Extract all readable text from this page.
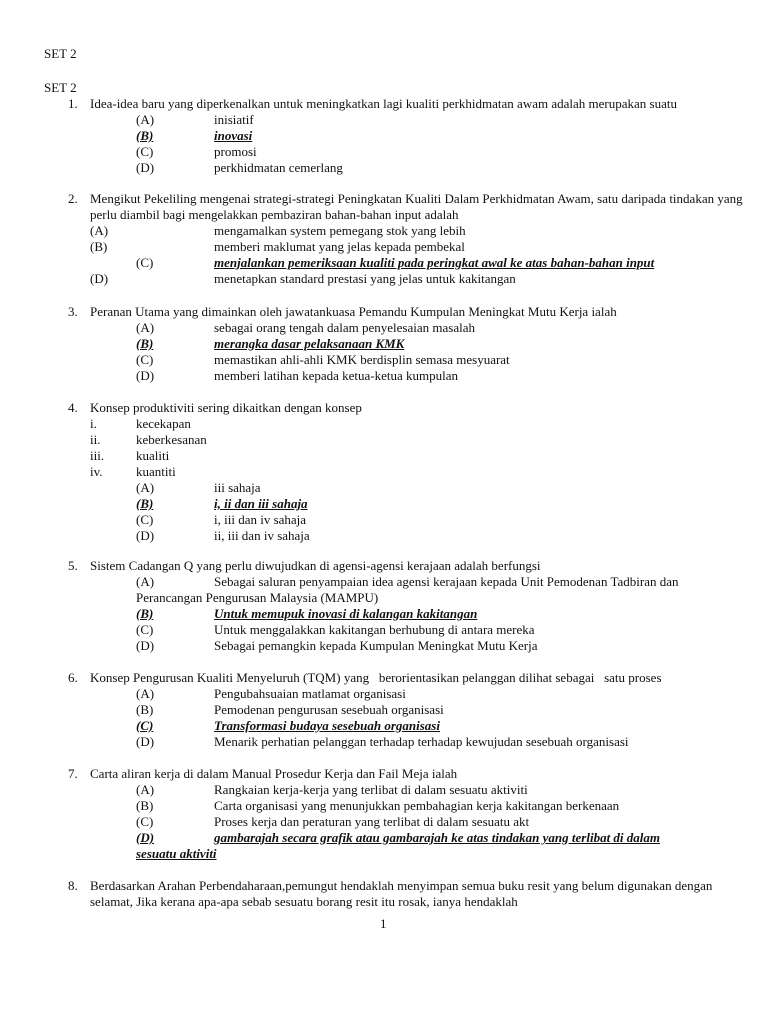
SET 2
SET 2
1. Idea-idea baru yang diperkenalkan untuk meningkatkan lagi kualiti perkhidmatan awam adalah merupakan suatu
(A)	inisiatif
(B)	inovasi
(C)	promosi
(D)	perkhidmatan cemerlang
2. Mengikut Pekeliling mengenai strategi-strategi Peningkatan Kualiti Dalam Perkhidmatan Awam, satu daripada tindakan yang perlu diambil bagi mengelakkan pembaziran bahan-bahan input adalah
(A)	mengamalkan system pemegang stok yang lebih
(B)	memberi maklumat yang jelas kepada pembekal
(C)	menjalankan pemeriksaan kualiti pada peringkat awal ke atas bahan-bahan input
(D)	menetapkan standard prestasi yang jelas untuk kakitangan
3. Peranan Utama yang dimainkan oleh jawatankuasa Pemandu Kumpulan Meningkat Mutu Kerja ialah
(A)	sebagai orang tengah dalam penyelesaian masalah
(B)	merangka dasar pelaksanaan KMK
(C)	memastikan ahli-ahli KMK berdisplin semasa mesyuarat
(D)	memberi latihan kepada ketua-ketua kumpulan
4. Konsep produktiviti sering dikaitkan dengan konsep
i.	kecekapan
ii.	keberkesanan
iii.	kualiti
iv.	kuantiti
(A)	iii sahaja
(B)	i, ii dan iii sahaja
(C)	i, iii dan iv sahaja
(D)	ii, iii dan iv sahaja
5. Sistem Cadangan Q yang perlu diwujudkan di agensi-agensi kerajaan adalah berfungsi
(A)	Sebagai saluran penyampaian idea agensi kerajaan kepada Unit Pemodenan Tadbiran dan
Perancangan Pengurusan Malaysia (MAMPU)
(B)	Untuk memupuk inovasi di kalangan kakitangan
(C)	Untuk menggalakkan kakitangan berhubung di antara mereka
(D)	Sebagai pemangkin kepada Kumpulan Meningkat Mutu Kerja
6. Konsep Pengurusan Kualiti Menyeluruh (TQM) yang   berorientasikan pelanggan dilihat sebagai   satu proses
(A)	Pengubahsuaian matlamat organisasi
(B)	Pemodenan pengurusan sesebuah organisasi
(C)	Transformasi budaya sesebuah organisasi
(D)	Menarik perhatian pelanggan terhadap terhadap kewujudan sesebuah organisasi
7. Carta aliran kerja di dalam Manual Prosedur Kerja dan Fail Meja ialah
(A)	Rangkaian kerja-kerja yang terlibat di dalam sesuatu aktiviti
(B)	Carta organisasi yang menunjukkan pembahagian kerja kakitangan berkenaan
(C)	Proses kerja dan peraturan yang terlibat di dalam sesuatu akt
(D)	gambarajah secara grafik atau gambarajah ke atas tindakan yang terlibat di dalam
sesuatu aktiviti
8. Berdasarkan Arahan Perbendaharaan,pemungut hendaklah menyimpan semua buku resit yang belum digunakan dengan selamat, Jika kerana apa-apa sebab sesuatu borang resit itu rosak, ianya hendaklah
1
